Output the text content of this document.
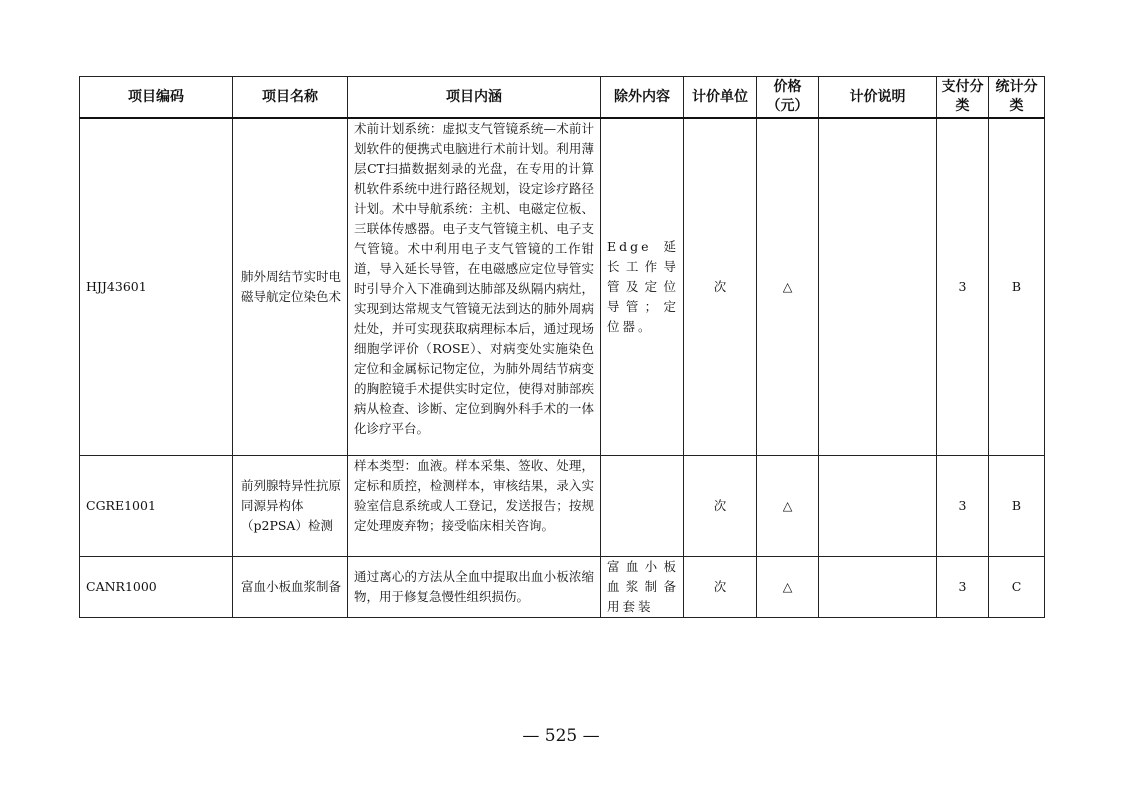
项目编码	项目名称	项目内涵	除外内容	计价单位	价格（元）	计价说明	支付分类	统计分类
HJJ43601	肺外周结节实时电磁导航定位染色术	术前计划系统：虚拟支气管镜系统—术前计划软件的便携式电脑进行术前计划。利用薄层CT扫描数据刻录的光盘，在专用的计算机软件系统中进行路径规划，设定诊疗路径计划。术中导航系统：主机、电磁定位板、三联体传感器。电子支气管镜主机、电子支气管镜。术中利用电子支气管镜的工作钳道，导入延长导管，在电磁感应定位导管实时引导介入下准确到达肺部及纵隔内病灶，实现到达常规支气管镜无法到达的肺外周病灶处，并可实现获取病理标本后，通过现场细胞学评价（ROSE）、对病变处实施染色定位和金属标记物定位，为肺外周结节病变的胸腔镜手术提供实时定位，使得对肺部疾病从检查、诊断、定位到胸外科手术的一体化诊疗平台。	Edge延长工作导管及定位导管；定位器。	次	△		3	B
CGRE1001	前列腺特异性抗原同源异构体（p2PSA）检测	样本类型：血液。样本采集、签收、处理，定标和质控，检测样本，审核结果，录入实验室信息系统或人工登记，发送报告；按规定处理废弃物；接受临床相关咨询。		次	△		3	B
CANR1000	富血小板血浆制备	通过离心的方法从全血中提取出血小板浓缩物，用于修复急慢性组织损伤。	富血小板血浆制备用套装	次	△		3	C
— 525 —
